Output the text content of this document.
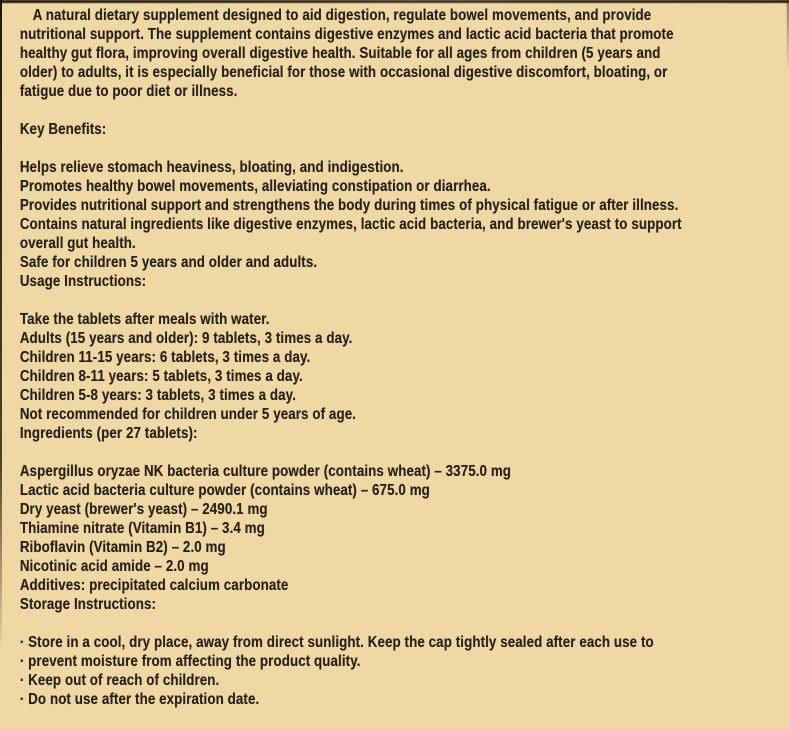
A natural dietary supplement designed to aid digestion, regulate bowel movements, and provide

nutritional support. The supplement contains digestive enzymes and lactic acid bacteria that promote

healthy gut flora, improving overall digestive health. Suitable for all ages from children (5 years and

older) to adults, it is especially beneficial for those with occasional digestive discomfort, bloating, or

fatigue due to poor diet or illness.

Key Benefits:

Helps relieve stomach heaviness, bloating, and indigestion.

Promotes healthy bowel movements, alleviating constipation or diarrhea.

Provides nutritional support and strengthens the body during times of physical fatigue or after illness.

Contains natural ingredients like digestive enzymes, lactic acid bacteria, and brewer's yeast to support

overall gut health.

Safe for children 5 years and older and adults.

Usage Instructions:

Take the tablets after meals with water.

Adults (15 years and older): 9 tablets, 3 times a day.

Children 11-15 years: 6 tablets, 3 times a day.

Children 8-11 years: 5 tablets, 3 times a day.

Children 5-8 years: 3 tablets, 3 times a day.

Not recommended for children under 5 years of age.

Ingredients (per 27 tablets):

Aspergillus oryzae NK bacteria culture powder (contains wheat) – 3375.0 mg

Lactic acid bacteria culture powder (contains wheat) – 675.0 mg

Dry yeast (brewer's yeast) – 2490.1 mg

Thiamine nitrate (Vitamin B1) – 3.4 mg

Riboflavin (Vitamin B2) – 2.0 mg

Nicotinic acid amide – 2.0 mg

Additives: precipitated calcium carbonate

Storage Instructions:

· Store in a cool, dry place, away from direct sunlight. Keep the cap tightly sealed after each use to

· prevent moisture from affecting the product quality.

· Keep out of reach of children.

· Do not use after the expiration date.
